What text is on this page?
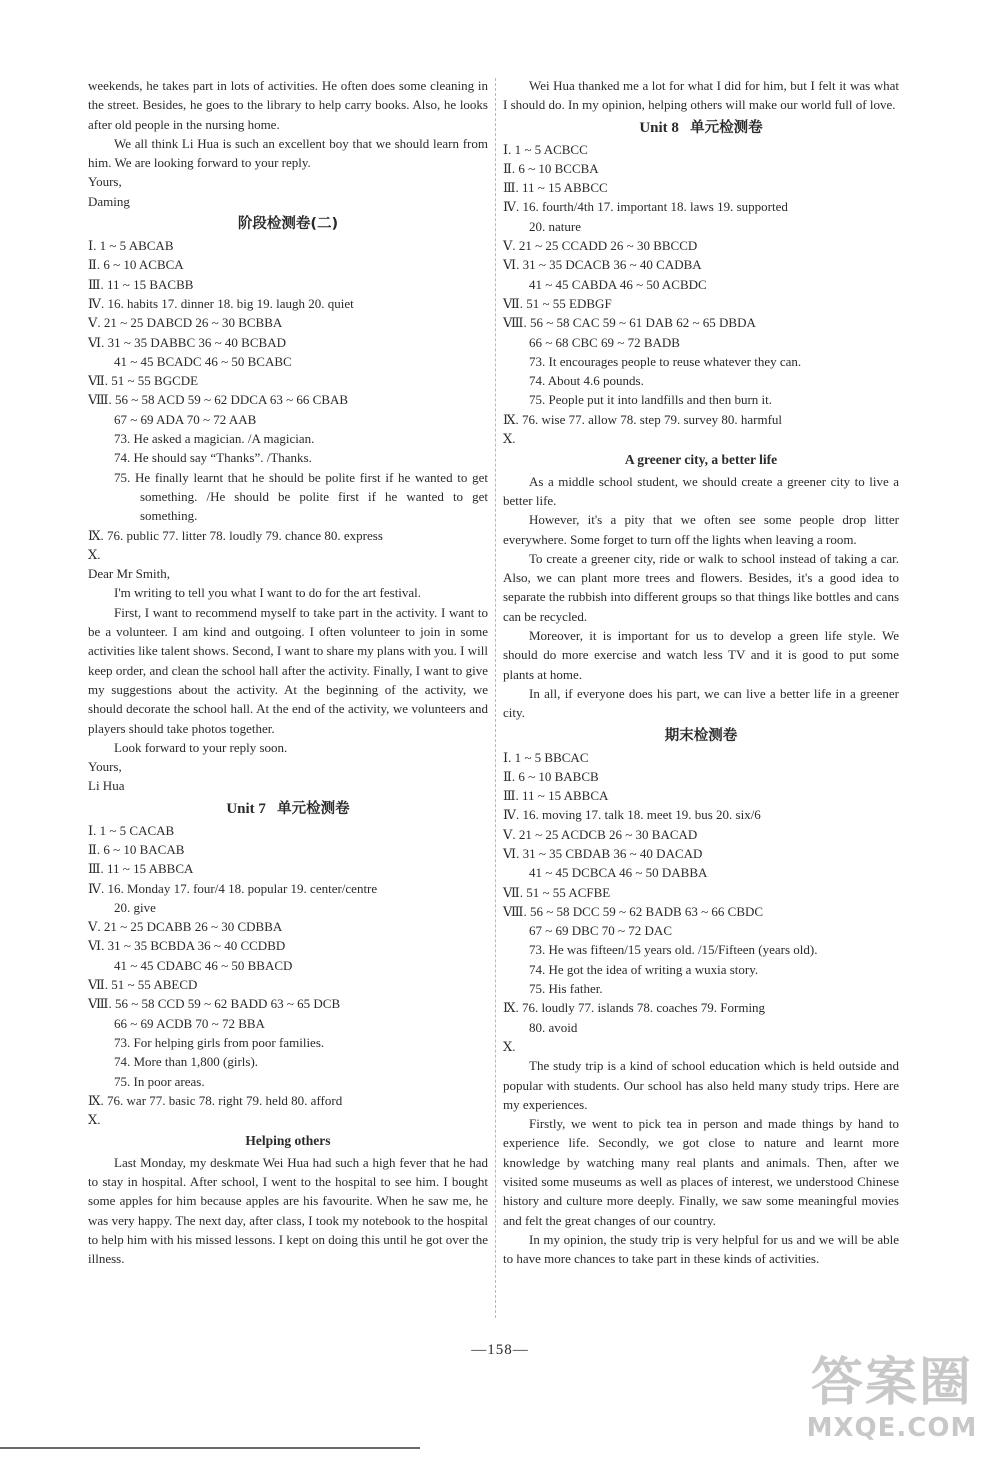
weekends, he takes part in lots of activities. He often does some cleaning in the street. Besides, he goes to the library to help carry books. Also, he looks after old people in the nursing home.

We all think Li Hua is such an excellent boy that we should learn from him. We are looking forward to your reply.

Yours,

Daming

阶段检测卷(二)

Ⅰ. 1 ~ 5 ABCAB

Ⅱ. 6 ~ 10 ACBCA

Ⅲ. 11 ~ 15 BACBB

Ⅳ. 16. habits 17. dinner 18. big 19. laugh 20. quiet

Ⅴ. 21 ~ 25 DABCD 26 ~ 30 BCBBA

Ⅵ. 31 ~ 35 DABBC 36 ~ 40 BCBAD

41 ~ 45 BCADC 46 ~ 50 BCABC

Ⅶ. 51 ~ 55 BGCDE

Ⅷ. 56 ~ 58 ACD 59 ~ 62 DDCA 63 ~ 66 CBAB

67 ~ 69 ADA 70 ~ 72 AAB

73. He asked a magician. /A magician.

74. He should say “Thanks”. /Thanks.

75. He finally learnt that he should be polite first if he wanted to get something. /He should be polite first if he wanted to get something.

Ⅸ. 76. public 77. litter 78. loudly 79. chance 80. express

Ⅹ.

Dear Mr Smith,

I'm writing to tell you what I want to do for the art festival.

First, I want to recommend myself to take part in the activity. I want to be a volunteer. I am kind and outgoing. I often volunteer to join in some activities like talent shows. Second, I want to share my plans with you. I will keep order, and clean the school hall after the activity. Finally, I want to give my suggestions about the activity. At the beginning of the activity, we should decorate the school hall. At the end of the activity, we volunteers and players should take photos together.

Look forward to your reply soon.

Yours,

Li Hua

Unit 7 单元检测卷

Ⅰ. 1 ~ 5 CACAB

Ⅱ. 6 ~ 10 BACAB

Ⅲ. 11 ~ 15 ABBCA

Ⅳ. 16. Monday 17. four/4 18. popular 19. center/centre

20. give

Ⅴ. 21 ~ 25 DCABB 26 ~ 30 CDBBA

Ⅵ. 31 ~ 35 BCBDA 36 ~ 40 CCDBD

41 ~ 45 CDABC 46 ~ 50 BBACD

Ⅶ. 51 ~ 55 ABECD

Ⅷ. 56 ~ 58 CCD 59 ~ 62 BADD 63 ~ 65 DCB

66 ~ 69 ACDB 70 ~ 72 BBA

73. For helping girls from poor families.

74. More than 1,800 (girls).

75. In poor areas.

Ⅸ. 76. war 77. basic 78. right 79. held 80. afford

Ⅹ.

Helping others

Last Monday, my deskmate Wei Hua had such a high fever that he had to stay in hospital. After school, I went to the hospital to see him. I bought some apples for him because apples are his favourite. When he saw me, he was very happy. The next day, after class, I took my notebook to the hospital to help him with his missed lessons. I kept on doing this until he got over the illness.

Wei Hua thanked me a lot for what I did for him, but I felt it was what I should do. In my opinion, helping others will make our world full of love.

Unit 8 单元检测卷

Ⅰ. 1 ~ 5 ACBCC

Ⅱ. 6 ~ 10 BCCBA

Ⅲ. 11 ~ 15 ABBCC

Ⅳ. 16. fourth/4th 17. important 18. laws 19. supported

20. nature

Ⅴ. 21 ~ 25 CCADD 26 ~ 30 BBCCD

Ⅵ. 31 ~ 35 DCACB 36 ~ 40 CADBA

41 ~ 45 CABDA 46 ~ 50 ACBDC

Ⅶ. 51 ~ 55 EDBGF

Ⅷ. 56 ~ 58 CAC 59 ~ 61 DAB 62 ~ 65 DBDA

66 ~ 68 CBC 69 ~ 72 BADB

73. It encourages people to reuse whatever they can.

74. About 4.6 pounds.

75. People put it into landfills and then burn it.

Ⅸ. 76. wise 77. allow 78. step 79. survey 80. harmful

Ⅹ.

A greener city, a better life

As a middle school student, we should create a greener city to live a better life.

However, it's a pity that we often see some people drop litter everywhere. Some forget to turn off the lights when leaving a room.

To create a greener city, ride or walk to school instead of taking a car. Also, we can plant more trees and flowers. Besides, it's a good idea to separate the rubbish into different groups so that things like bottles and cans can be recycled.

Moreover, it is important for us to develop a green life style. We should do more exercise and watch less TV and it is good to put some plants at home.

In all, if everyone does his part, we can live a better life in a greener city.

期末检测卷

Ⅰ. 1 ~ 5 BBCAC

Ⅱ. 6 ~ 10 BABCB

Ⅲ. 11 ~ 15 ABBCA

Ⅳ. 16. moving 17. talk 18. meet 19. bus 20. six/6

Ⅴ. 21 ~ 25 ACDCB 26 ~ 30 BACAD

Ⅵ. 31 ~ 35 CBDAB 36 ~ 40 DACAD

41 ~ 45 DCBCA 46 ~ 50 DABBA

Ⅶ. 51 ~ 55 ACFBE

Ⅷ. 56 ~ 58 DCC 59 ~ 62 BADB 63 ~ 66 CBDC

67 ~ 69 DBC 70 ~ 72 DAC

73. He was fifteen/15 years old. /15/Fifteen (years old).

74. He got the idea of writing a wuxia story.

75. His father.

Ⅸ. 76. loudly 77. islands 78. coaches 79. Forming

80. avoid

Ⅹ.

The study trip is a kind of school education which is held outside and popular with students. Our school has also held many study trips. Here are my experiences.

Firstly, we went to pick tea in person and made things by hand to experience life. Secondly, we got close to nature and learnt more knowledge by watching many real plants and animals. Then, after we visited some museums as well as places of interest, we understood Chinese history and culture more deeply. Finally, we saw some meaningful movies and felt the great changes of our country.

In my opinion, the study trip is very helpful for us and we will be able to have more chances to take part in these kinds of activities.

—158—
答案圈
MXQE.COM
